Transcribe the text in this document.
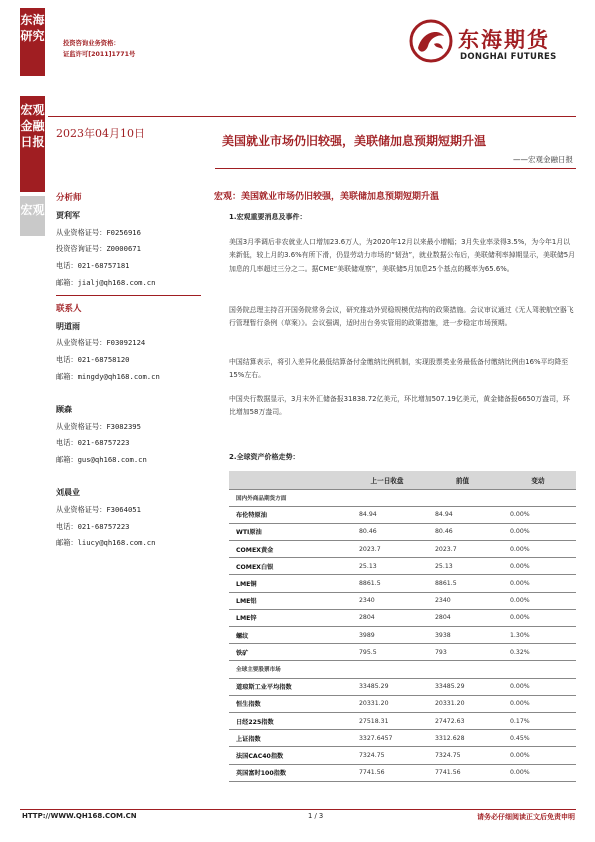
东海研究
宏观金融日报
宏观
投资咨询业务资格：
证监许可[2011]1771号
东海期货
DONGHAI FUTURES
2023年04月10日
美国就业市场仍旧较强，美联储加息预期短期升温
——宏观金融日报
分析师
贾利军
从业资格证号：F0256916
投资咨询证号：Z0000671
电话：021-68757181
邮箱：jialj@qh168.com.cn
联系人
明道雨
从业资格证号：F03092124
电话：021-68758120
邮箱：mingdy@qh168.com.cn
顾森
从业资格证号：F3082395
电话：021-68757223
邮箱：gus@qh168.com.cn
刘晨业
从业资格证号：F3064051
电话：021-68757223
邮箱：liucy@qh168.com.cn
宏观：美国就业市场仍旧较强，美联储加息预期短期升温
1.宏观重要消息及事件：
美国3月季调后非农就业人口增加23.6万人，为2020年12月以来最小增幅；3月失业率录得3.5%，为今年1月以来新低，较上月的3.6%有所下滑，仍显劳动力市场的“韧劲”，就业数据公布后，美联储利率掉期显示，美联储5月加息的几率超过三分之二。据CME“美联储观察”，美联储5月加息25个基点的概率为65.6%。
国务院总理主持召开国务院常务会议，研究推动外贸稳规模优结构的政策措施。会议审议通过《无人驾驶航空器飞行管理暂行条例（草案）》。会议强调，适时出台务实管用的政策措施，进一步稳定市场预期。
中国结算表示，将引入差异化最低结算备付金缴纳比例机制，实现股票类业务最低备付缴纳比例由16%平均降至15%左右。
中国央行数据显示，3月末外汇储备报31838.72亿美元，环比增加507.19亿美元，黄金储备报6650万盎司，环比增加58万盎司。
2.全球资产价格走势：
	上一日收盘	前值	变动
国内外商品期货方面			
布伦特原油	84.94	84.94	0.00%
WTI原油	80.46	80.46	0.00%
COMEX黄金	2023.7	2023.7	0.00%
COMEX白银	25.13	25.13	0.00%
LME铜	8861.5	8861.5	0.00%
LME铝	2340	2340	0.00%
LME锌	2804	2804	0.00%
螺纹	3989	3938	1.30%
铁矿	795.5	793	0.32%
全球主要股票市场			
道琼斯工业平均指数	33485.29	33485.29	0.00%
恒生指数	20331.20	20331.20	0.00%
日经225指数	27518.31	27472.63	0.17%
上证指数	3327.6457	3312.628	0.45%
法国CAC40指数	7324.75	7324.75	0.00%
英国富时100指数	7741.56	7741.56	0.00%
HTTP://WWW.QH168.COM.CN	1 / 3	请务必仔细阅读正文后免责申明
